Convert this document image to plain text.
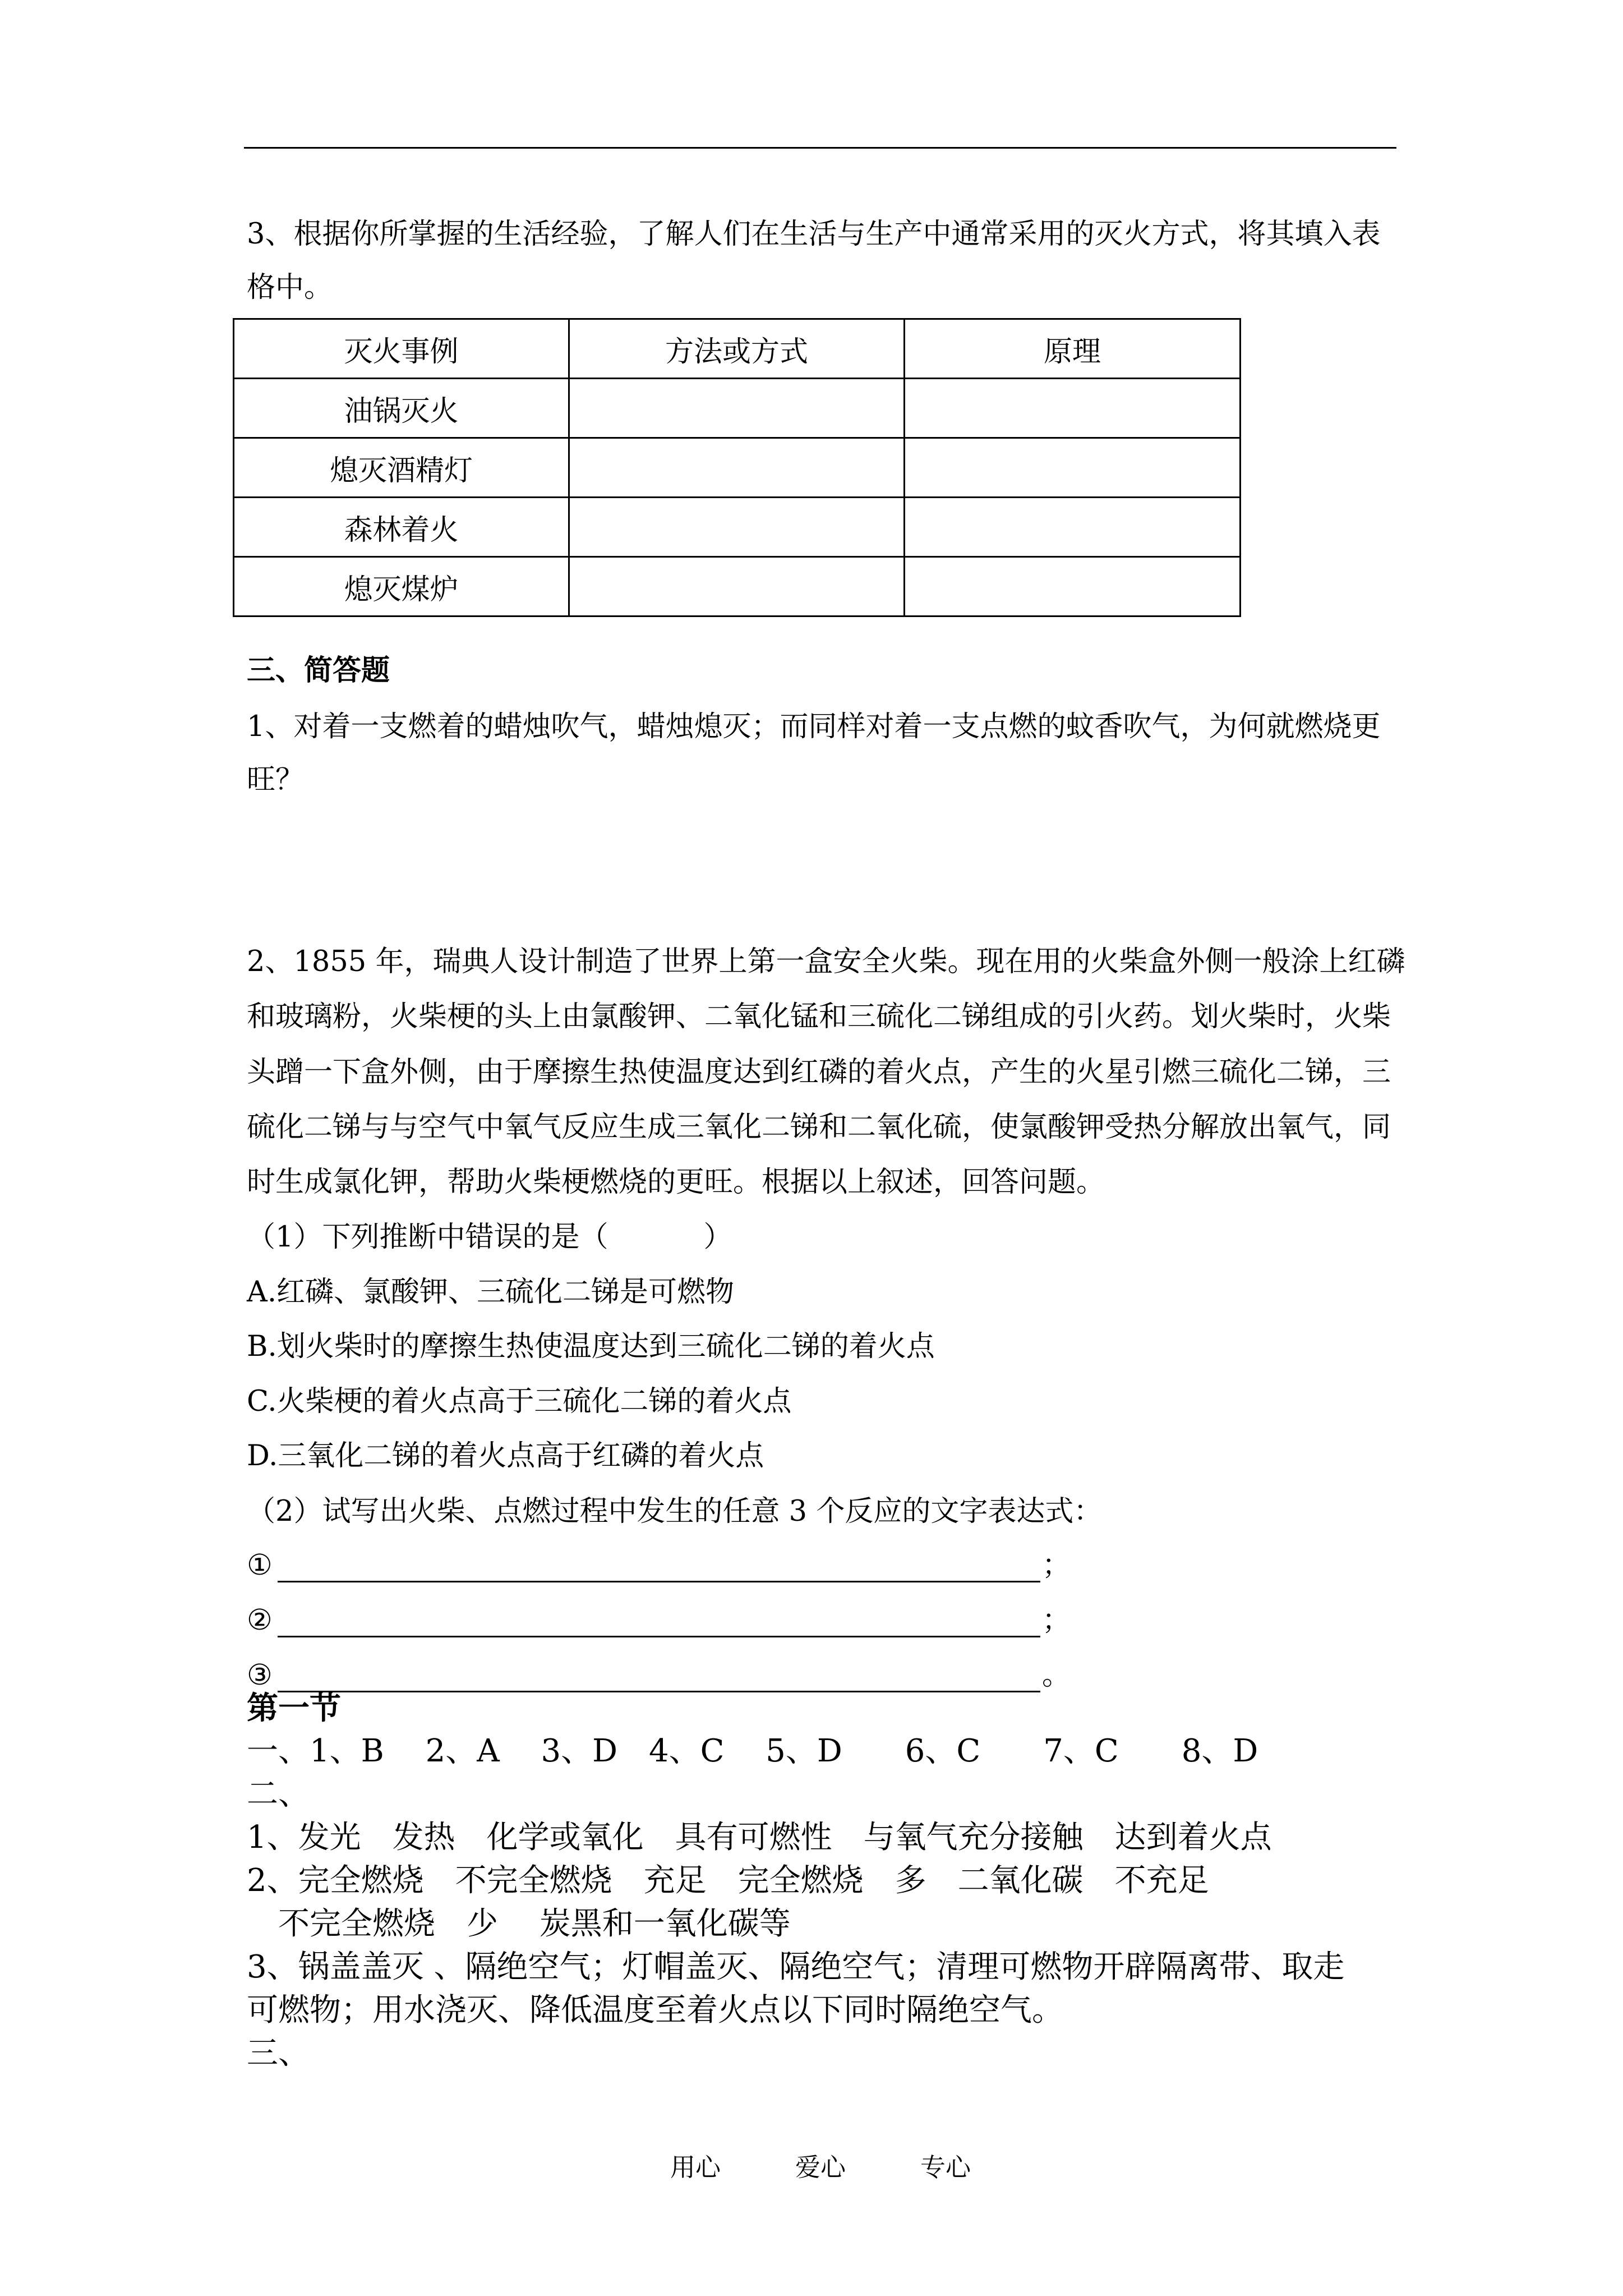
3、根据你所掌握的生活经验，了解人们在生活与生产中通常采用的灭火方式，将其填入表
格中。
灭火事例	方法或方式	原理
油锅灭火		
熄灭酒精灯		
森林着火		
熄灭煤炉		
三、简答题
1、对着一支燃着的蜡烛吹气，蜡烛熄灭；而同样对着一支点燃的蚊香吹气，为何就燃烧更
旺？
2、1855 年，瑞典人设计制造了世界上第一盒安全火柴。现在用的火柴盒外侧一般涂上红磷
和玻璃粉，火柴梗的头上由氯酸钾、二氧化锰和三硫化二锑组成的引火药。划火柴时，火柴
头蹭一下盒外侧，由于摩擦生热使温度达到红磷的着火点，产生的火星引燃三硫化二锑，三
硫化二锑与与空气中氧气反应生成三氧化二锑和二氧化硫，使氯酸钾受热分解放出氧气，同
时生成氯化钾，帮助火柴梗燃烧的更旺。根据以上叙述，回答问题。
（1）下列推断中错误的是（	）
A.红磷、氯酸钾、三硫化二锑是可燃物
B.划火柴时的摩擦生热使温度达到三硫化二锑的着火点
C.火柴梗的着火点高于三硫化二锑的着火点
D.三氧化二锑的着火点高于红磷的着火点
（2）试写出火柴、点燃过程中发生的任意 3 个反应的文字表达式：
①	；
②	；
③	。
第一节
一、1、B　 2、A　 3、D　4、C　 5、D　　6、C　　7、C　　8、D
二、
1、发光　发热　化学或氧化　具有可燃性　与氧气充分接触　达到着火点
2、完全燃烧　不完全燃烧　充足　完全燃烧　多　二氧化碳　不充足
　不完全燃烧　少　 炭黑和一氧化碳等
3、锅盖盖灭 、隔绝空气；灯帽盖灭、隔绝空气；清理可燃物开辟隔离带、取走
可燃物；用水浇灭、降低温度至着火点以下同时隔绝空气。
三、
用心	爱心	专心
